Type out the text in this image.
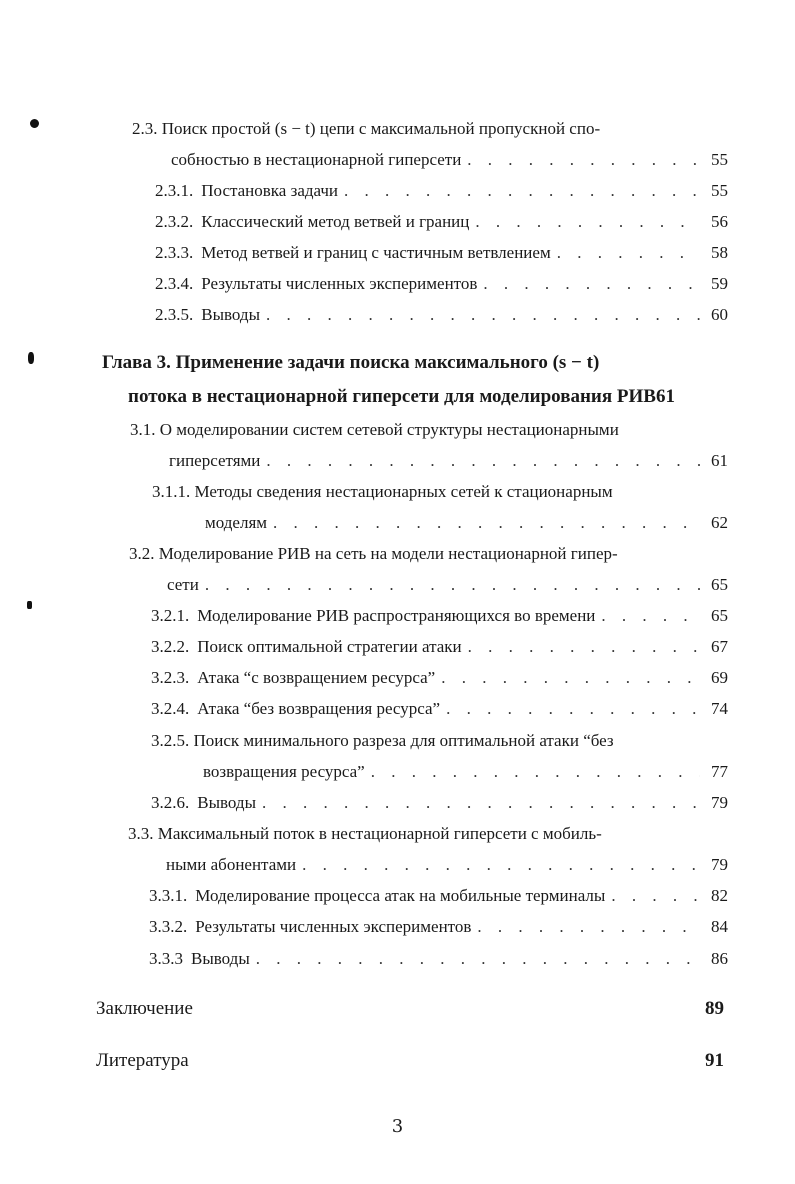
2.3. Поиск простой (s − t) цепи с максимальной пропускной спо-
собностью в нестационарной гиперсети . . .	55
2.3.1. Постановка задачи . . .	55
2.3.2. Классический метод ветвей и границ . . .	56
2.3.3. Метод ветвей и границ с частичным ветвлением . . .	58
2.3.4. Результаты численных экспериментов . . .	59
2.3.5. Выводы . . .	60
Глава 3. Применение задачи поиска максимального (s − t)
потока в нестационарной гиперсети для моделирования РИВ61
3.1. О моделировании систем сетевой структуры нестационарными
гиперсетями . . .	61
3.1.1. Методы сведения нестационарных сетей к стационарным
моделям . . .	62
3.2. Моделирование РИВ на сеть на модели нестационарной гипер-
сети . . .	65
3.2.1. Моделирование РИВ распространяющихся во времени . . .	65
3.2.2. Поиск оптимальной стратегии атаки . . .	67
3.2.3. Атака “с возвращением ресурса” . . .	69
3.2.4. Атака “без возвращения ресурса” . . .	74
3.2.5. Поиск минимального разреза для оптимальной атаки “без
возвращения ресурса” . . .	77
3.2.6. Выводы . . .	79
3.3. Максимальный поток в нестационарной гиперсети с мобиль-
ными абонентами . . .	79
3.3.1. Моделирование процесса атак на мобильные терминалы . . .	82
3.3.2. Результаты численных экспериментов . . .	84
3.3.3 Выводы . . .	86
Заключение	89
Литература	91
3
